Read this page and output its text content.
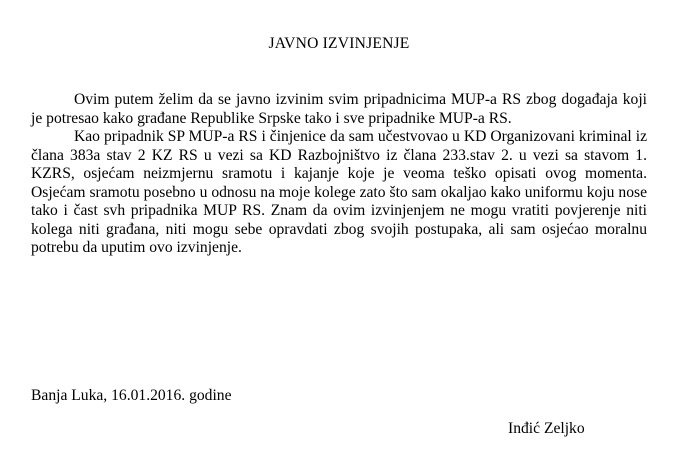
JAVNO IZVINJENJE

Ovim putem želim da se javno izvinim svim pripadnicima MUP-a RS zbog događaja koji je potresao kako građane Republike Srpske tako i sve pripadnike MUP-a RS.

Kao pripadnik SP MUP-a RS i činjenice da sam učestvovao u KD Organizovani kriminal iz člana 383a stav 2 KZ RS u vezi sa KD Razbojništvo iz člana 233.stav 2. u vezi sa stavom 1. KZRS, osjećam neizmjernu sramotu i kajanje koje je veoma teško opisati ovog momenta. Osjećam sramotu posebno u odnosu na moje kolege zato što sam okaljao kako uniformu koju nose tako i čast svh pripadnika MUP RS. Znam da ovim izvinjenjem ne mogu vratiti povjerenje niti kolega niti građana, niti mogu sebe opravdati zbog svojih postupaka, ali sam osjećao moralnu potrebu da uputim ovo izvinjenje.

Banja Luka, 16.01.2016. godine
Inđić Zeljko
